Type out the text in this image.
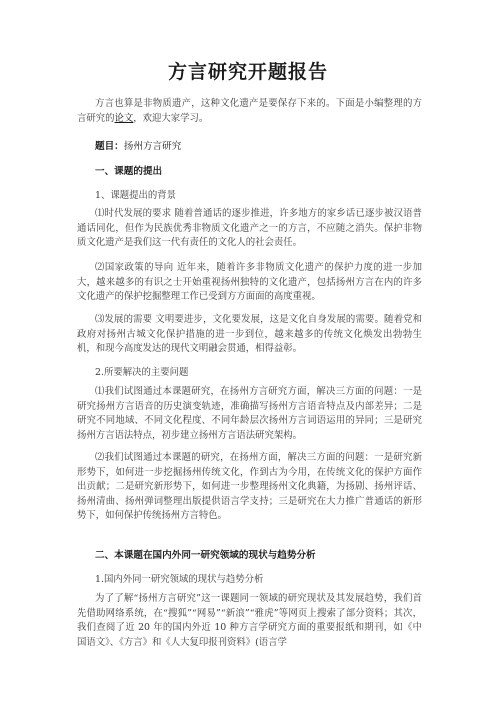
方言研究开题报告
方言也算是非物质遗产，这种文化遗产是要保存下来的。下面是小编整理的方言研究的论文，欢迎大家学习。
题目：扬州方言研究
一、课题的提出
1、课题提出的背景
⑴时代发展的要求 随着普通话的逐步推进，许多地方的家乡话已逐步被汉语普通话同化，但作为民族优秀非物质文化遗产之一的方言，不应随之消失。保护非物质文化遗产是我们这一代有责任的文化人的社会责任。
⑵国家政策的导向 近年来，随着许多非物质文化遗产的保护力度的进一步加大，越来越多的有识之士开始重视扬州独特的文化遗产，包括扬州方言在内的许多文化遗产的保护挖掘整理工作已受到方方面面的高度重视。
⑶发展的需要 文明要进步，文化要发展，这是文化自身发展的需要。随着党和政府对扬州古城文化保护措施的进一步到位，越来越多的传统文化焕发出勃勃生机，和现今高度发达的现代文明融会贯通，相得益彰。
2.所要解决的主要问题
⑴我们试图通过本课题研究，在扬州方言研究方面，解决三方面的问题：一是研究扬州方言语音的历史演变轨迹，准确描写扬州方言语音特点及内部差异；二是研究不同地域、不同文化程度、不同年龄层次扬州方言词语运用的异同；三是研究扬州方言语法特点，初步建立扬州方言语法研究架构。
⑵我们试图通过本课题的研究，在扬州方面，解决三方面的问题：一是研究新形势下，如何进一步挖掘扬州传统文化，作到古为今用，在传统文化的保护方面作出贡献；二是研究新形势下，如何进一步整理扬州文化典籍，为扬剧、扬州评话、扬州清曲、扬州弹词整理出版提供语言学支持；三是研究在大力推广普通话的新形势下，如何保护传统扬州方言特色。
二、本课题在国内外同一研究领域的现状与趋势分析
1.国内外同一研究领域的现状与趋势分析
为了了解“扬州方言研究”这一课题同一领域的研究现状及其发展趋势，我们首先借助网络系统，在“搜狐”“网易”“新浪”“雅虎”等网页上搜索了部分资料；其次，我们查阅了近 20 年的国内外近 10 种方言学研究方面的重要报纸和期刊，如《中国语文》、《方言》和《人大复印报刊资料》(语言学
